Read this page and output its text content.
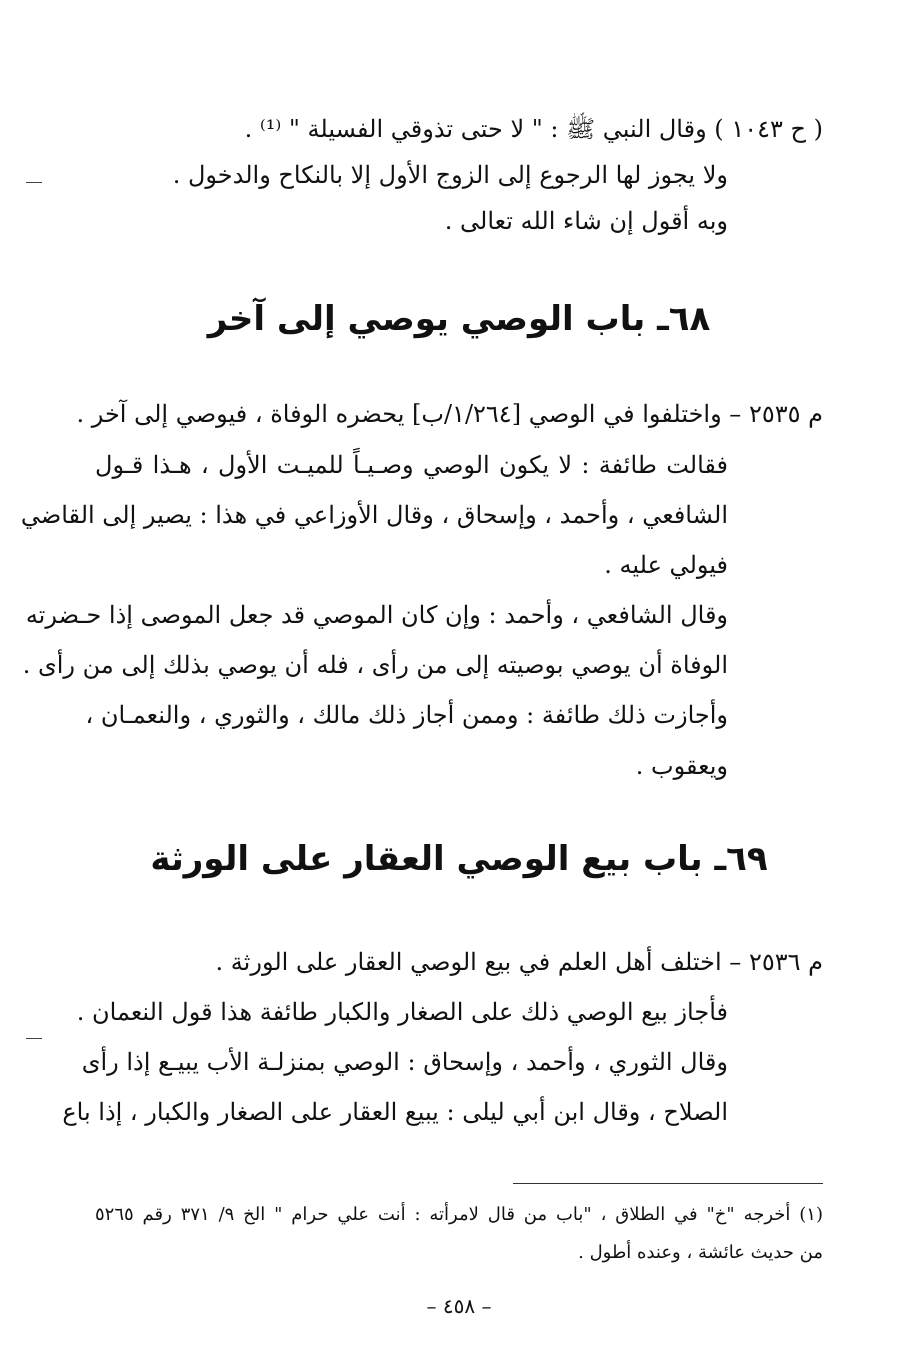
( ح ١٠٤٣ ) وقال النبي ﷺ : " لا حتى تذوقي الفسيلة " ⁽¹⁾ .
ولا يجوز لها الرجوع إلى الزوج الأول إلا بالنكاح والدخول .
وبه أقول إن شاء الله تعالى .
٦٨ـ باب الوصي يوصي إلى آخر
م ٢٥٣٥ – واختلفوا في الوصي [١/٢٦٤/ب] يحضره الوفاة ، فيوصي إلى آخر .
فقالت طائفة : لا يكون الوصي وصـيـاً للميـت الأول ، هـذا قـول
الشافعي ، وأحمد ، وإسحاق ، وقال الأوزاعي في هذا : يصير إلى القاضي
فيولي عليه .
وقال الشافعي ، وأحمد : وإن كان الموصي قد جعل الموصى إذا حـضرته
الوفاة أن يوصي بوصيته إلى من رأى ، فله أن يوصي بذلك إلى من رأى .
وأجازت ذلك طائفة : وممن أجاز ذلك مالك ، والثوري ، والنعمـان ،
ويعقوب .
٦٩ـ باب بيع الوصي العقار على الورثة
م ٢٥٣٦ – اختلف أهل العلم في بيع الوصي العقار على الورثة .
فأجاز بيع الوصي ذلك على الصغار والكبار طائفة هذا قول النعمان .
وقال الثوري ، وأحمد ، وإسحاق : الوصي بمنزلـة الأب يبيـع إذا رأى
الصلاح ، وقال ابن أبي ليلى : يبيع العقار على الصغار والكبار ، إذا باع
(١) أخرجه "خ" في الطلاق ، "باب من قال لامرأته : أنت علي حرام " الخ ٩/ ٣٧١ رقم ٥٢٦٥
من حديث عائشة ، وعنده أطول .
– ٤٥٨ –
